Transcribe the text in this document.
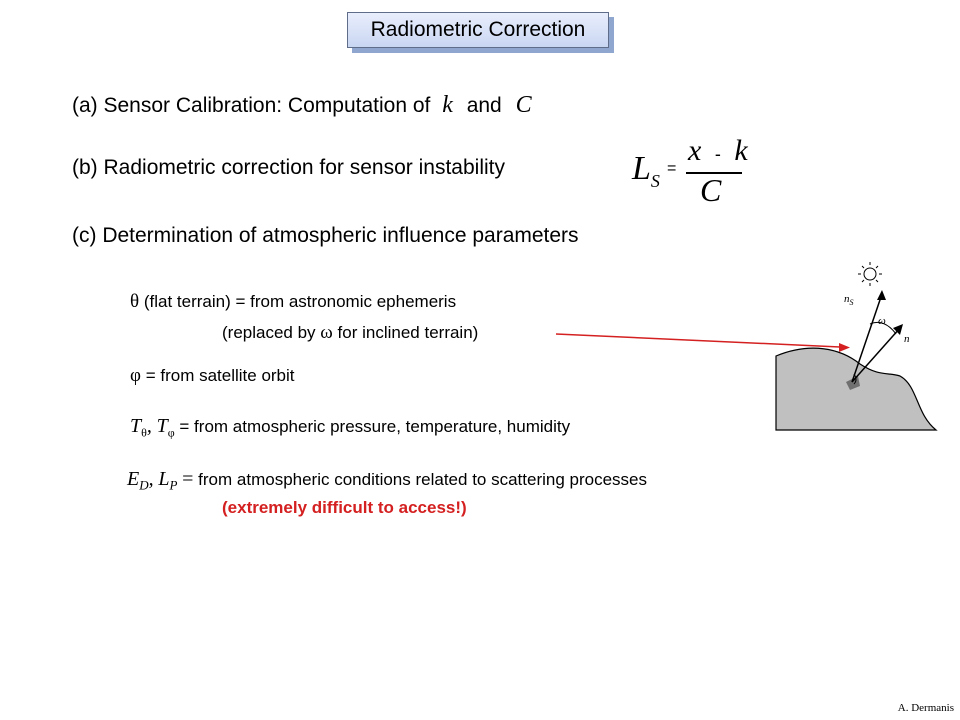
Radiometric Correction
(a) Sensor Calibration: Computation of k and C
(b) Radiometric correction for sensor instability	$L_S$
=
x - k
C
(c) Determination of atmospheric influence parameters
θ (flat terrain) = from astronomic ephemeris
(replaced by ω for inclined terrain)
φ = from satellite orbit
$T_\theta$, $T_\varphi$ = from atmospheric pressure, temperature, humidity
$E_D$, $L_P$ = from atmospheric conditions related to scattering processes
(extremely difficult to access!)
$n_S$
ω
n
A. Dermanis
